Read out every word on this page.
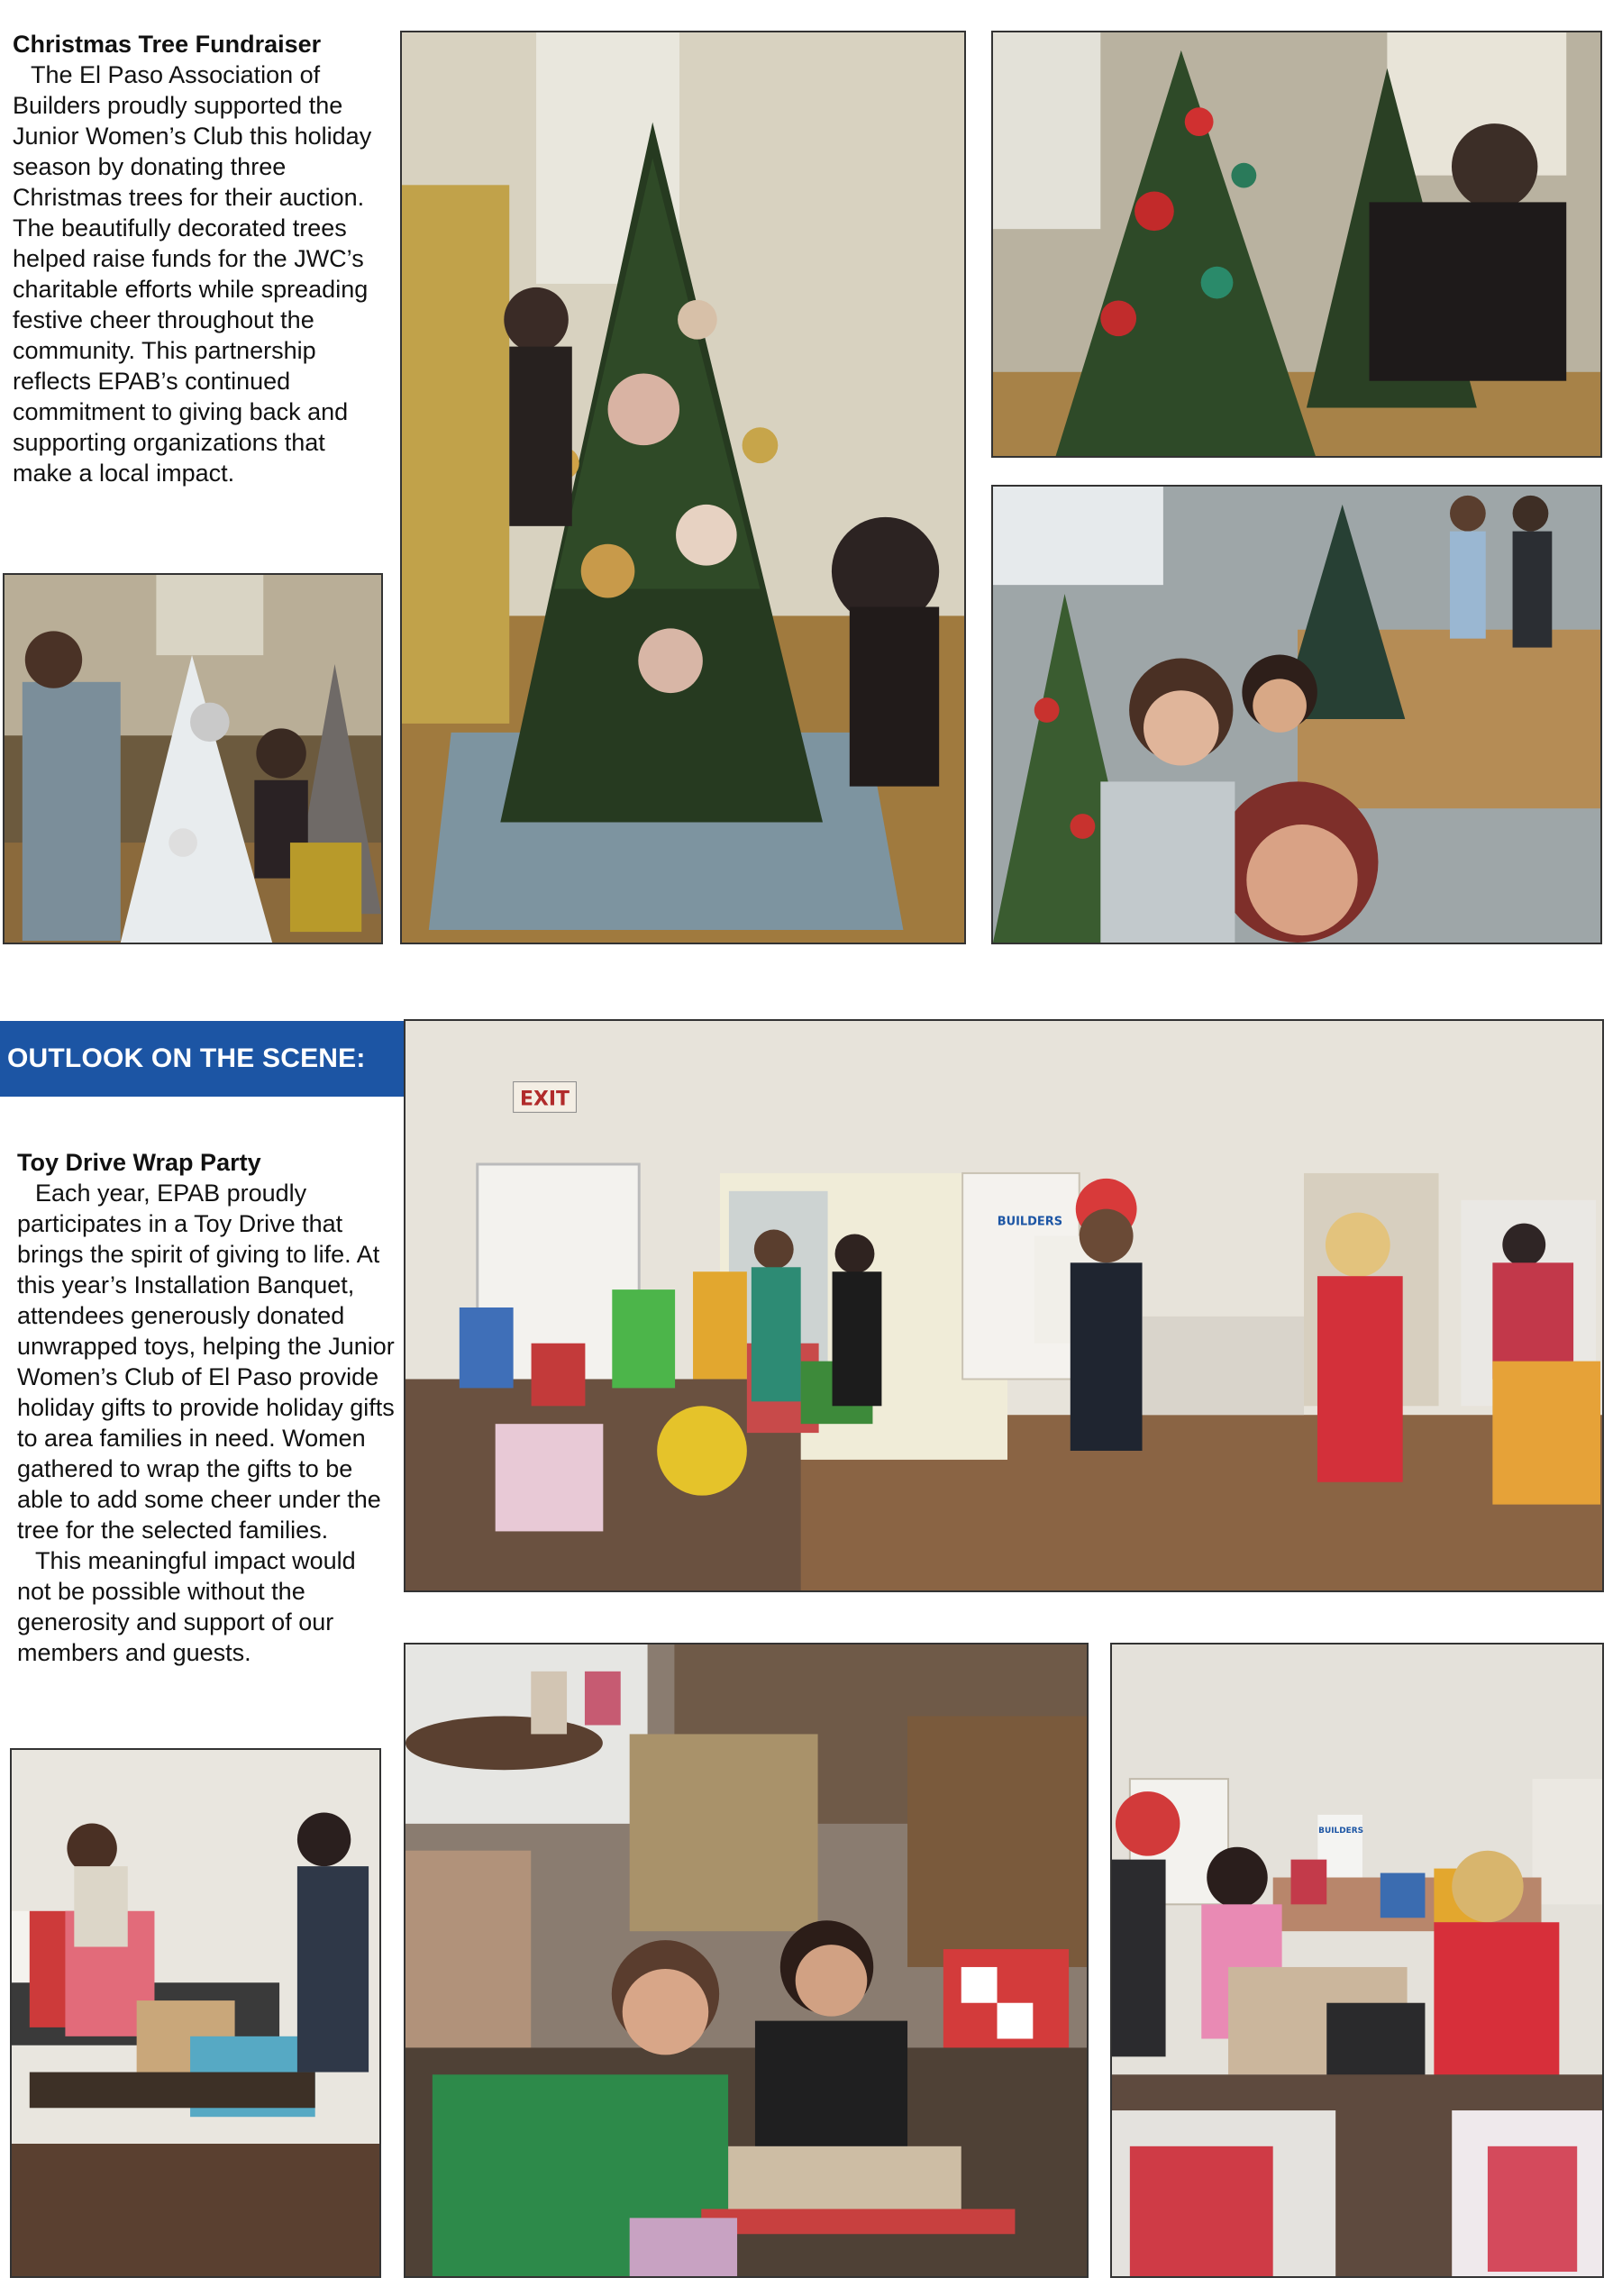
Christmas Tree Fundraiser

The El Paso Association of Builders proudly supported the Junior Women’s Club this holiday season by donating three Christmas trees for their auction. The beautifully decorated trees helped raise funds for the JWC’s charitable efforts while spreading festive cheer throughout the community. This partnership reflects EPAB’s continued commitment to giving back and supporting organizations that make a local impact.

OUTLOOK ON THE SCENE:
Toy Drive Wrap Party

Each year, EPAB proudly participates in a Toy Drive that brings the spirit of giving to life. At this year’s Installation Banquet, attendees generously donated unwrapped toys, helping the Junior Women’s Club of El Paso provide holiday gifts to provide holiday gifts to area families in need. Women gathered to wrap the gifts to be able to add some cheer under the tree for the selected families.

This meaningful impact would not be possible without the generosity and support of our members and guests.

EXIT
BUILDERS
BUILDERS
